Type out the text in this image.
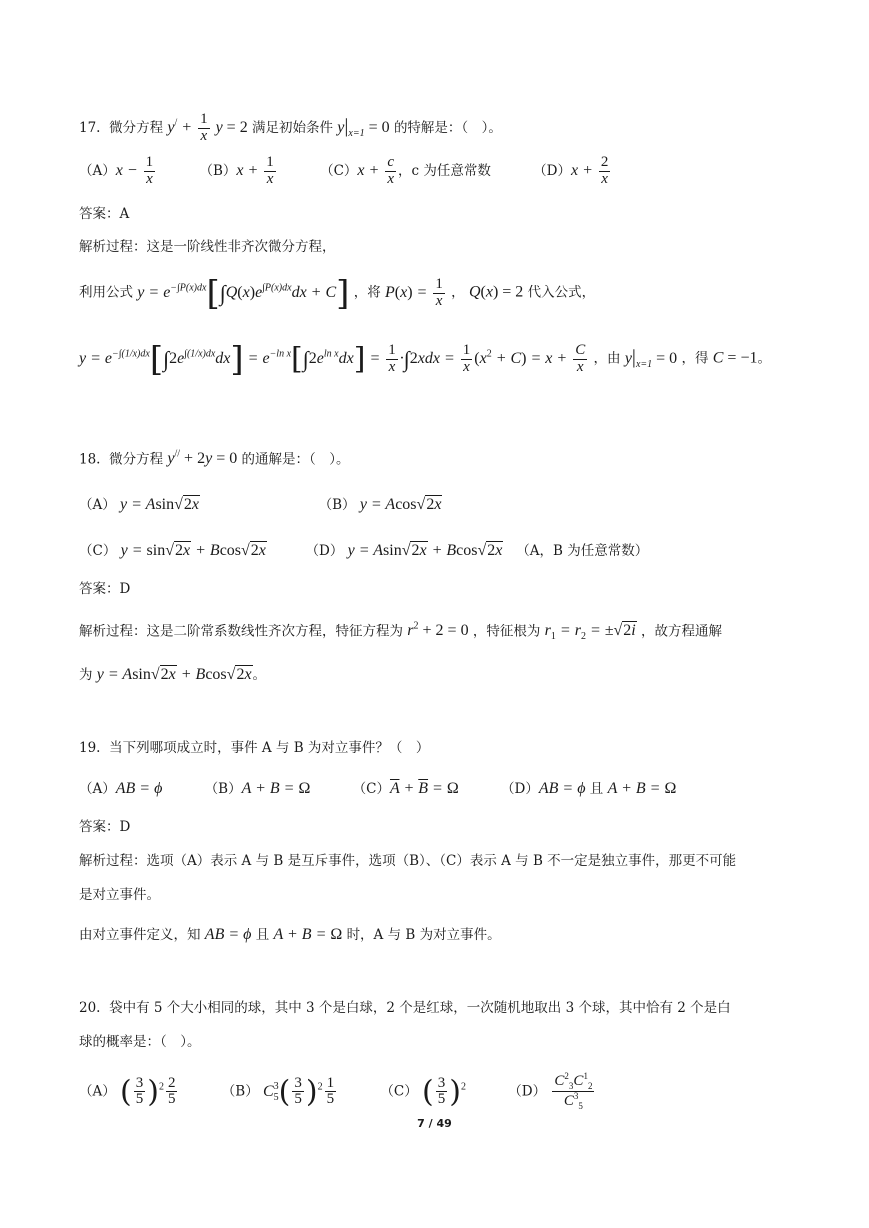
17. 微分方程 $y^/ + \frac{1}{x}$ y = 2 满足初始条件 $y|_{x=1} = 0$ 的特解是：（　）。
$(A)x - \frac{1}{x}$	$(B)x + \frac{1}{x}$	$(C)x + \frac{c}{x}$ ，c 为任意常数	$(D)x + \frac{2}{x}$
答案：A
解析过程：这是一阶线性非齐次微分方程，
利用公式 $y = e^{-\int P(x)dx}[\int Q(x)e^{\int P(x)dx}dx + C]$ ，将 $P(x) = \frac{1}{x}$ ， Q(x) = 2 代入公式，
$y = e^{-\int(1/x)dx}[\int 2e^{\int(1/x)dx}dx] = e^{-ln x}[\int 2e^{ln x}dx] = \frac{1}{x} \cdot\int 2xdx = \frac{1}{x} (x^2 + C) = x + \frac{C}{x}$ ，由 $y|_{x=1} = 0$ ，得 C = −1。
18. 微分方程 y// + 2y = 0 的通解是：（　）。
（A） y = Asin√2x	（B） y = Acos√2x
（C） y = sin√2x + Bcos√2x	（D） y = Asin√2x + Bcos√2x （A，B 为任意常数）
答案：D
解析过程：这是二阶常系数线性齐次方程，特征方程为 $r^2 + 2 = 0$ ，特征根为 $r_1 = r_2 = \pm√2i$ ，故方程通解
为 y = Asin√2x + Bcos√2x。
19. 当下列哪项成立时，事件 A 与 B 为对立事件？（　）
（A）AB = ϕ	（B）A + B = Ω	$(C)\overline{A} + \overline{B} = \Omega$	（D）AB = ϕ 且 A + B = Ω
答案：D
解析过程：选项（A）表示 A 与 B 是互斥事件，选项（B）、（C）表示 A 与 B 不一定是独立事件，那更不可能
是对立事件。
由对立事件定义，知 AB = ϕ 且 A + B = Ω 时，A 与 B 为对立事件。
20. 袋中有 5 个大小相同的球，其中 3 个是白球，2 个是红球，一次随机地取出 3 个球，其中恰有 2 个是白
球的概率是：（　）。
（A） ( $\frac{3}{5} )^2 \frac{2}{5}$	（B） C 3
5 ( $\frac{3}{5} )^2 \frac{1}{5}$	（C） ( $\frac{3}{5} )^2$	$(D) \frac{C^2_3C^1_2}{C^3_5}$
7 / 49
